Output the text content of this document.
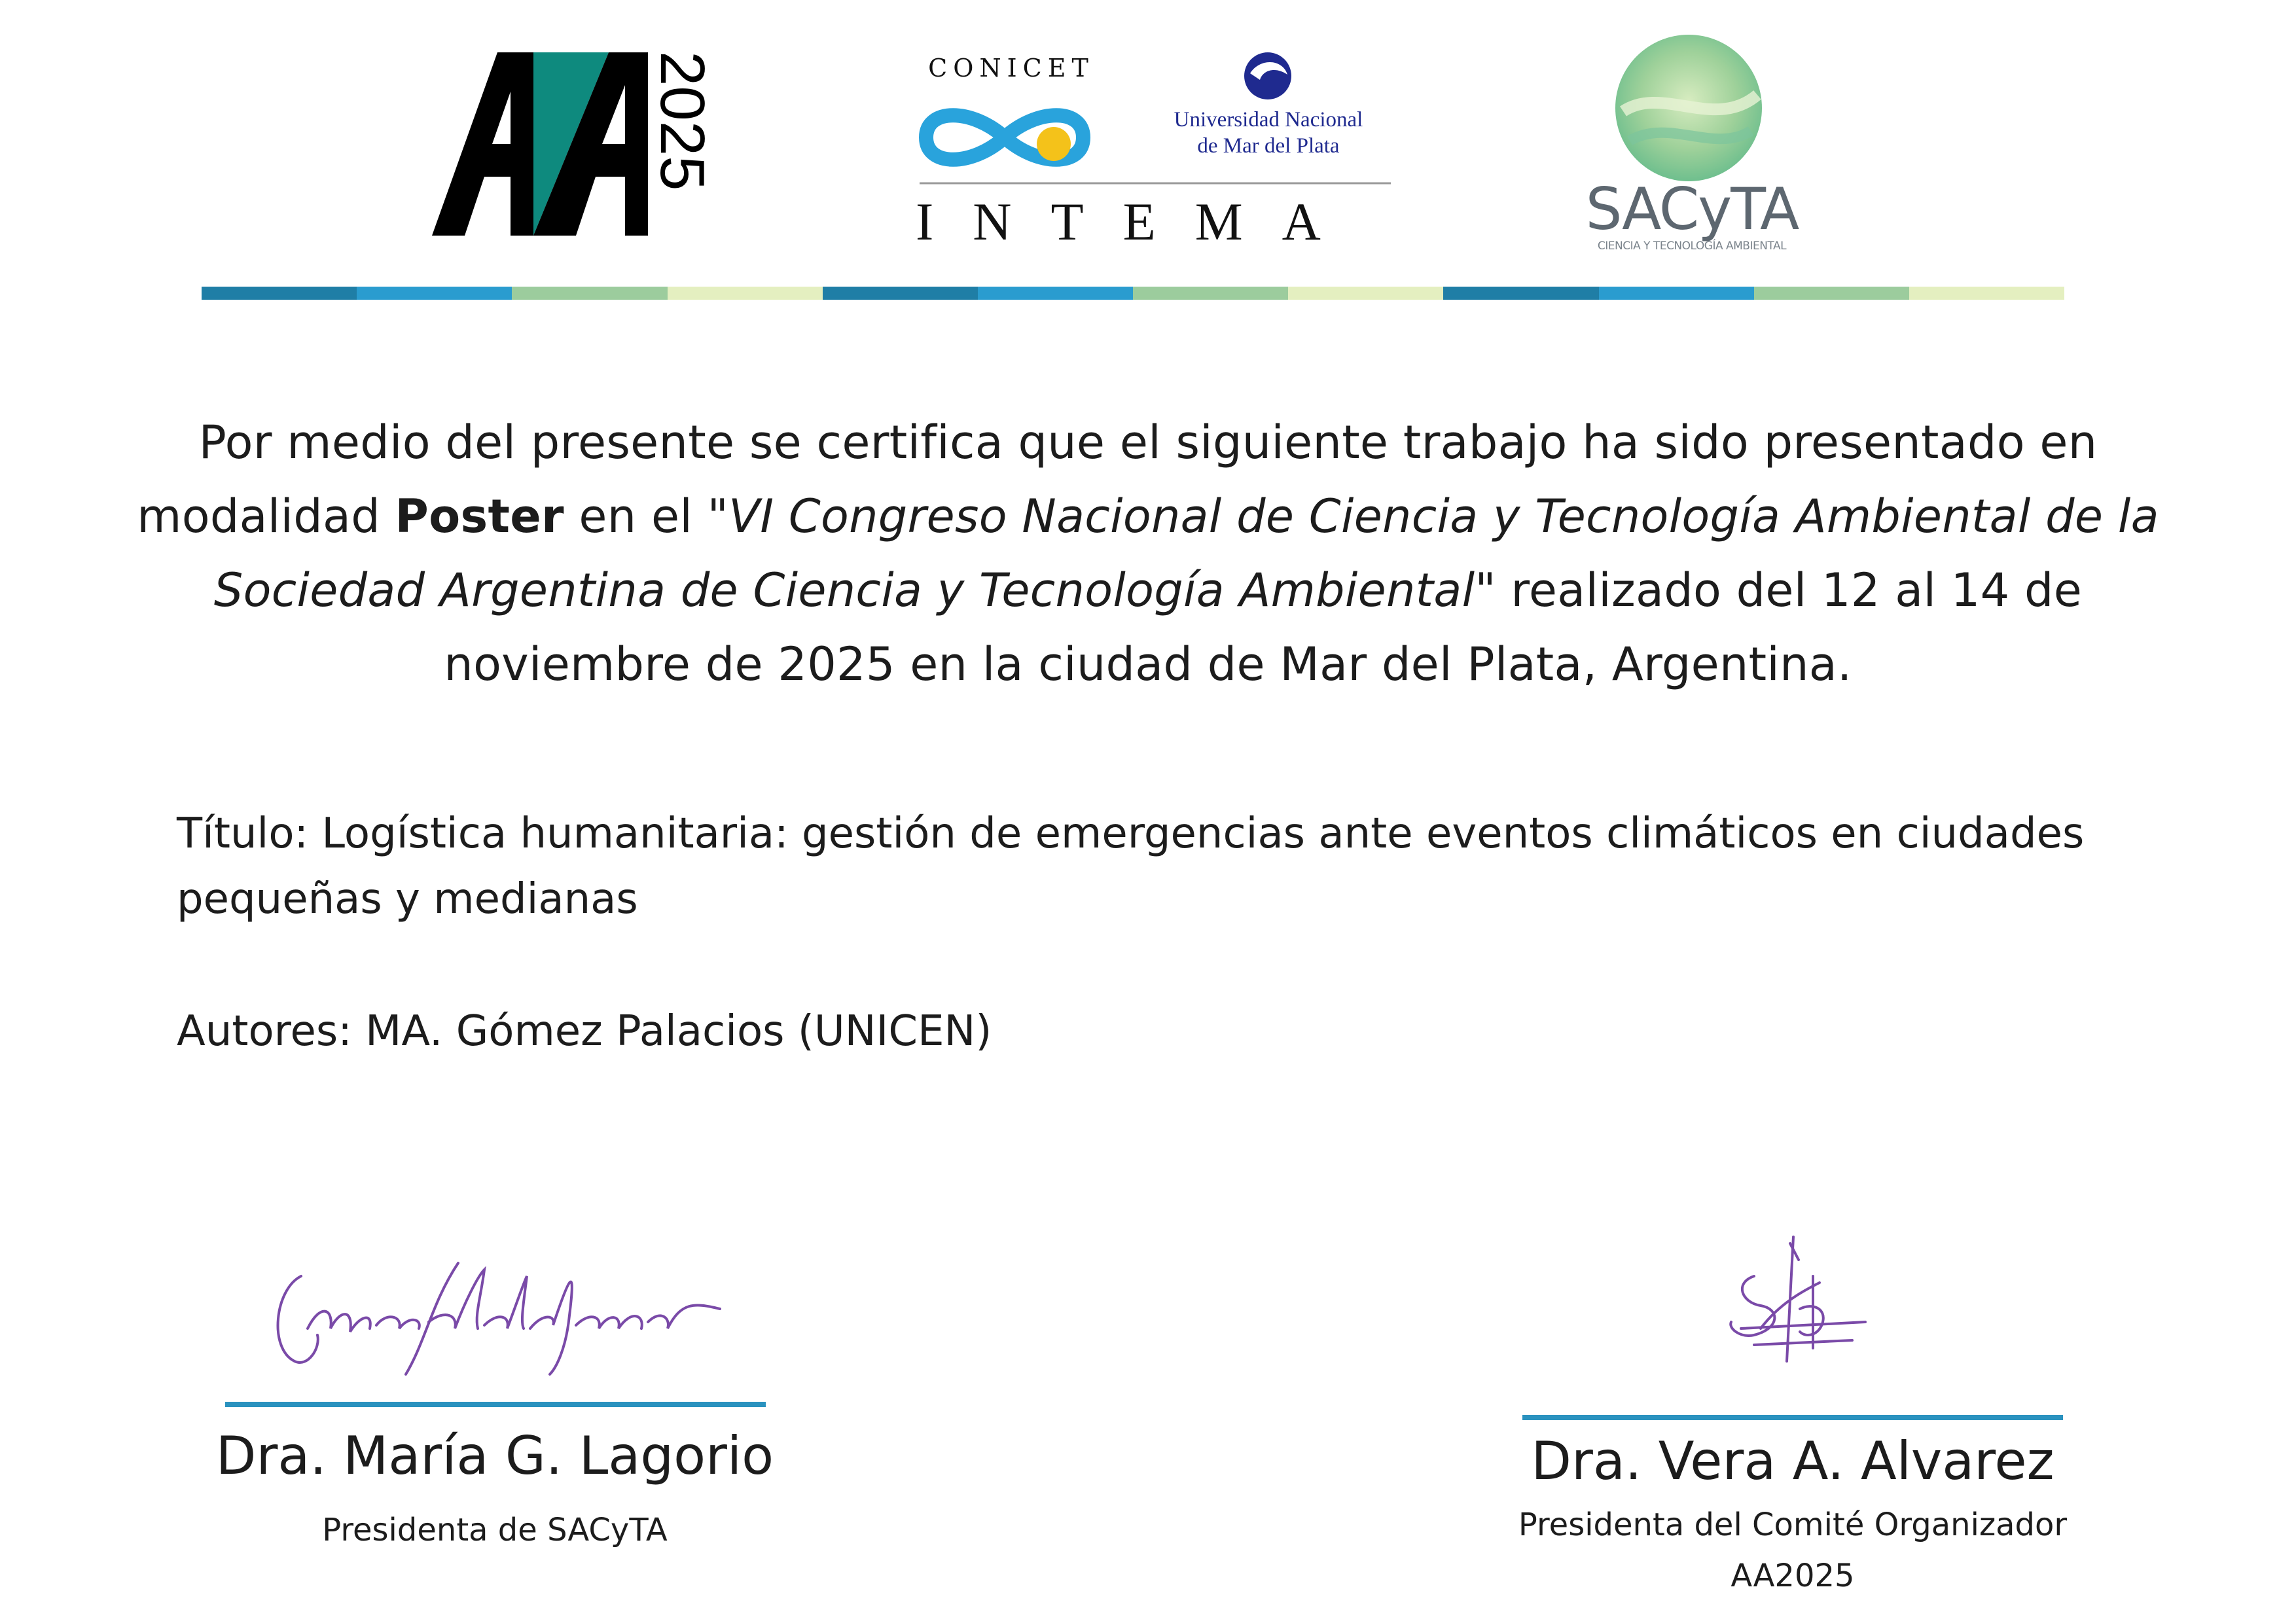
2025	CONICET
Universidad Nacional
de Mar del Plata
INTEMA	SACyTA
CIENCIA Y TECNOLOGÍA AMBIENTAL
Por medio del presente se certifica que el siguiente trabajo ha sido presentado en modalidad Poster en el "VI Congreso Nacional de Ciencia y Tecnología Ambiental de la Sociedad Argentina de Ciencia y Tecnología Ambiental" realizado del 12 al 14 de noviembre de 2025 en la ciudad de Mar del Plata, Argentina.
Título: Logística humanitaria: gestión de emergencias ante eventos climáticos en ciudades pequeñas y medianas
Autores: MA. Gómez Palacios (UNICEN)
Dra. María G. Lagorio
Presidenta de SACyTA
Dra. Vera A. Alvarez
Presidenta del Comité Organizador
AA2025
